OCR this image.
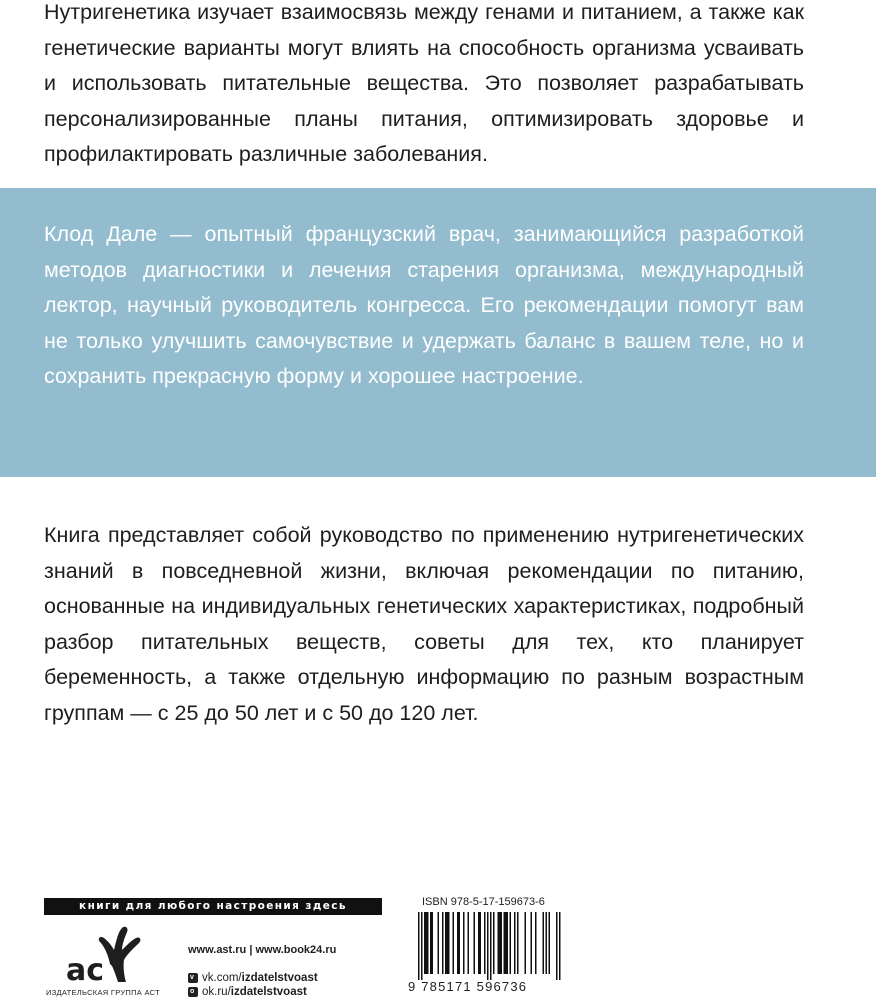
Нутригенетика изучает взаимосвязь между генами и питанием, а также как генетические варианты могут влиять на способность организма усваивать и использовать питательные вещества. Это позволяет разрабатывать персонализированные планы питания, оптимизировать здоровье и профилактировать различные заболевания.

Клод Дале — опытный французский врач, занимающийся разработкой методов диагностики и лечения старения организма, международный лектор, научный руководитель конгресса. Его рекомендации помогут вам не только улучшить самочувствие и удержать баланс в вашем теле, но и сохранить прекрасную форму и хорошее настроение.

Книга представляет собой руководство по применению нутригенетических знаний в повседневной жизни, включая рекомендации по питанию, основанные на индивидуальных генетических характеристиках, подробный разбор питательных веществ, советы для тех, кто планирует беременность, а также отдельную информацию по разным возрастным группам — с 25 до 50 лет и с 50 до 120 лет.

книги для любого настроения здесь
ac
ИЗДАТЕЛЬСКАЯ ГРУППА АСТ
www.ast.ru | www.book24.ru
v vk.com/ izdatelstvoast
o ok.ru/ izdatelstvoast
ISBN 978-5-17-159673-6
9 785171 596736
